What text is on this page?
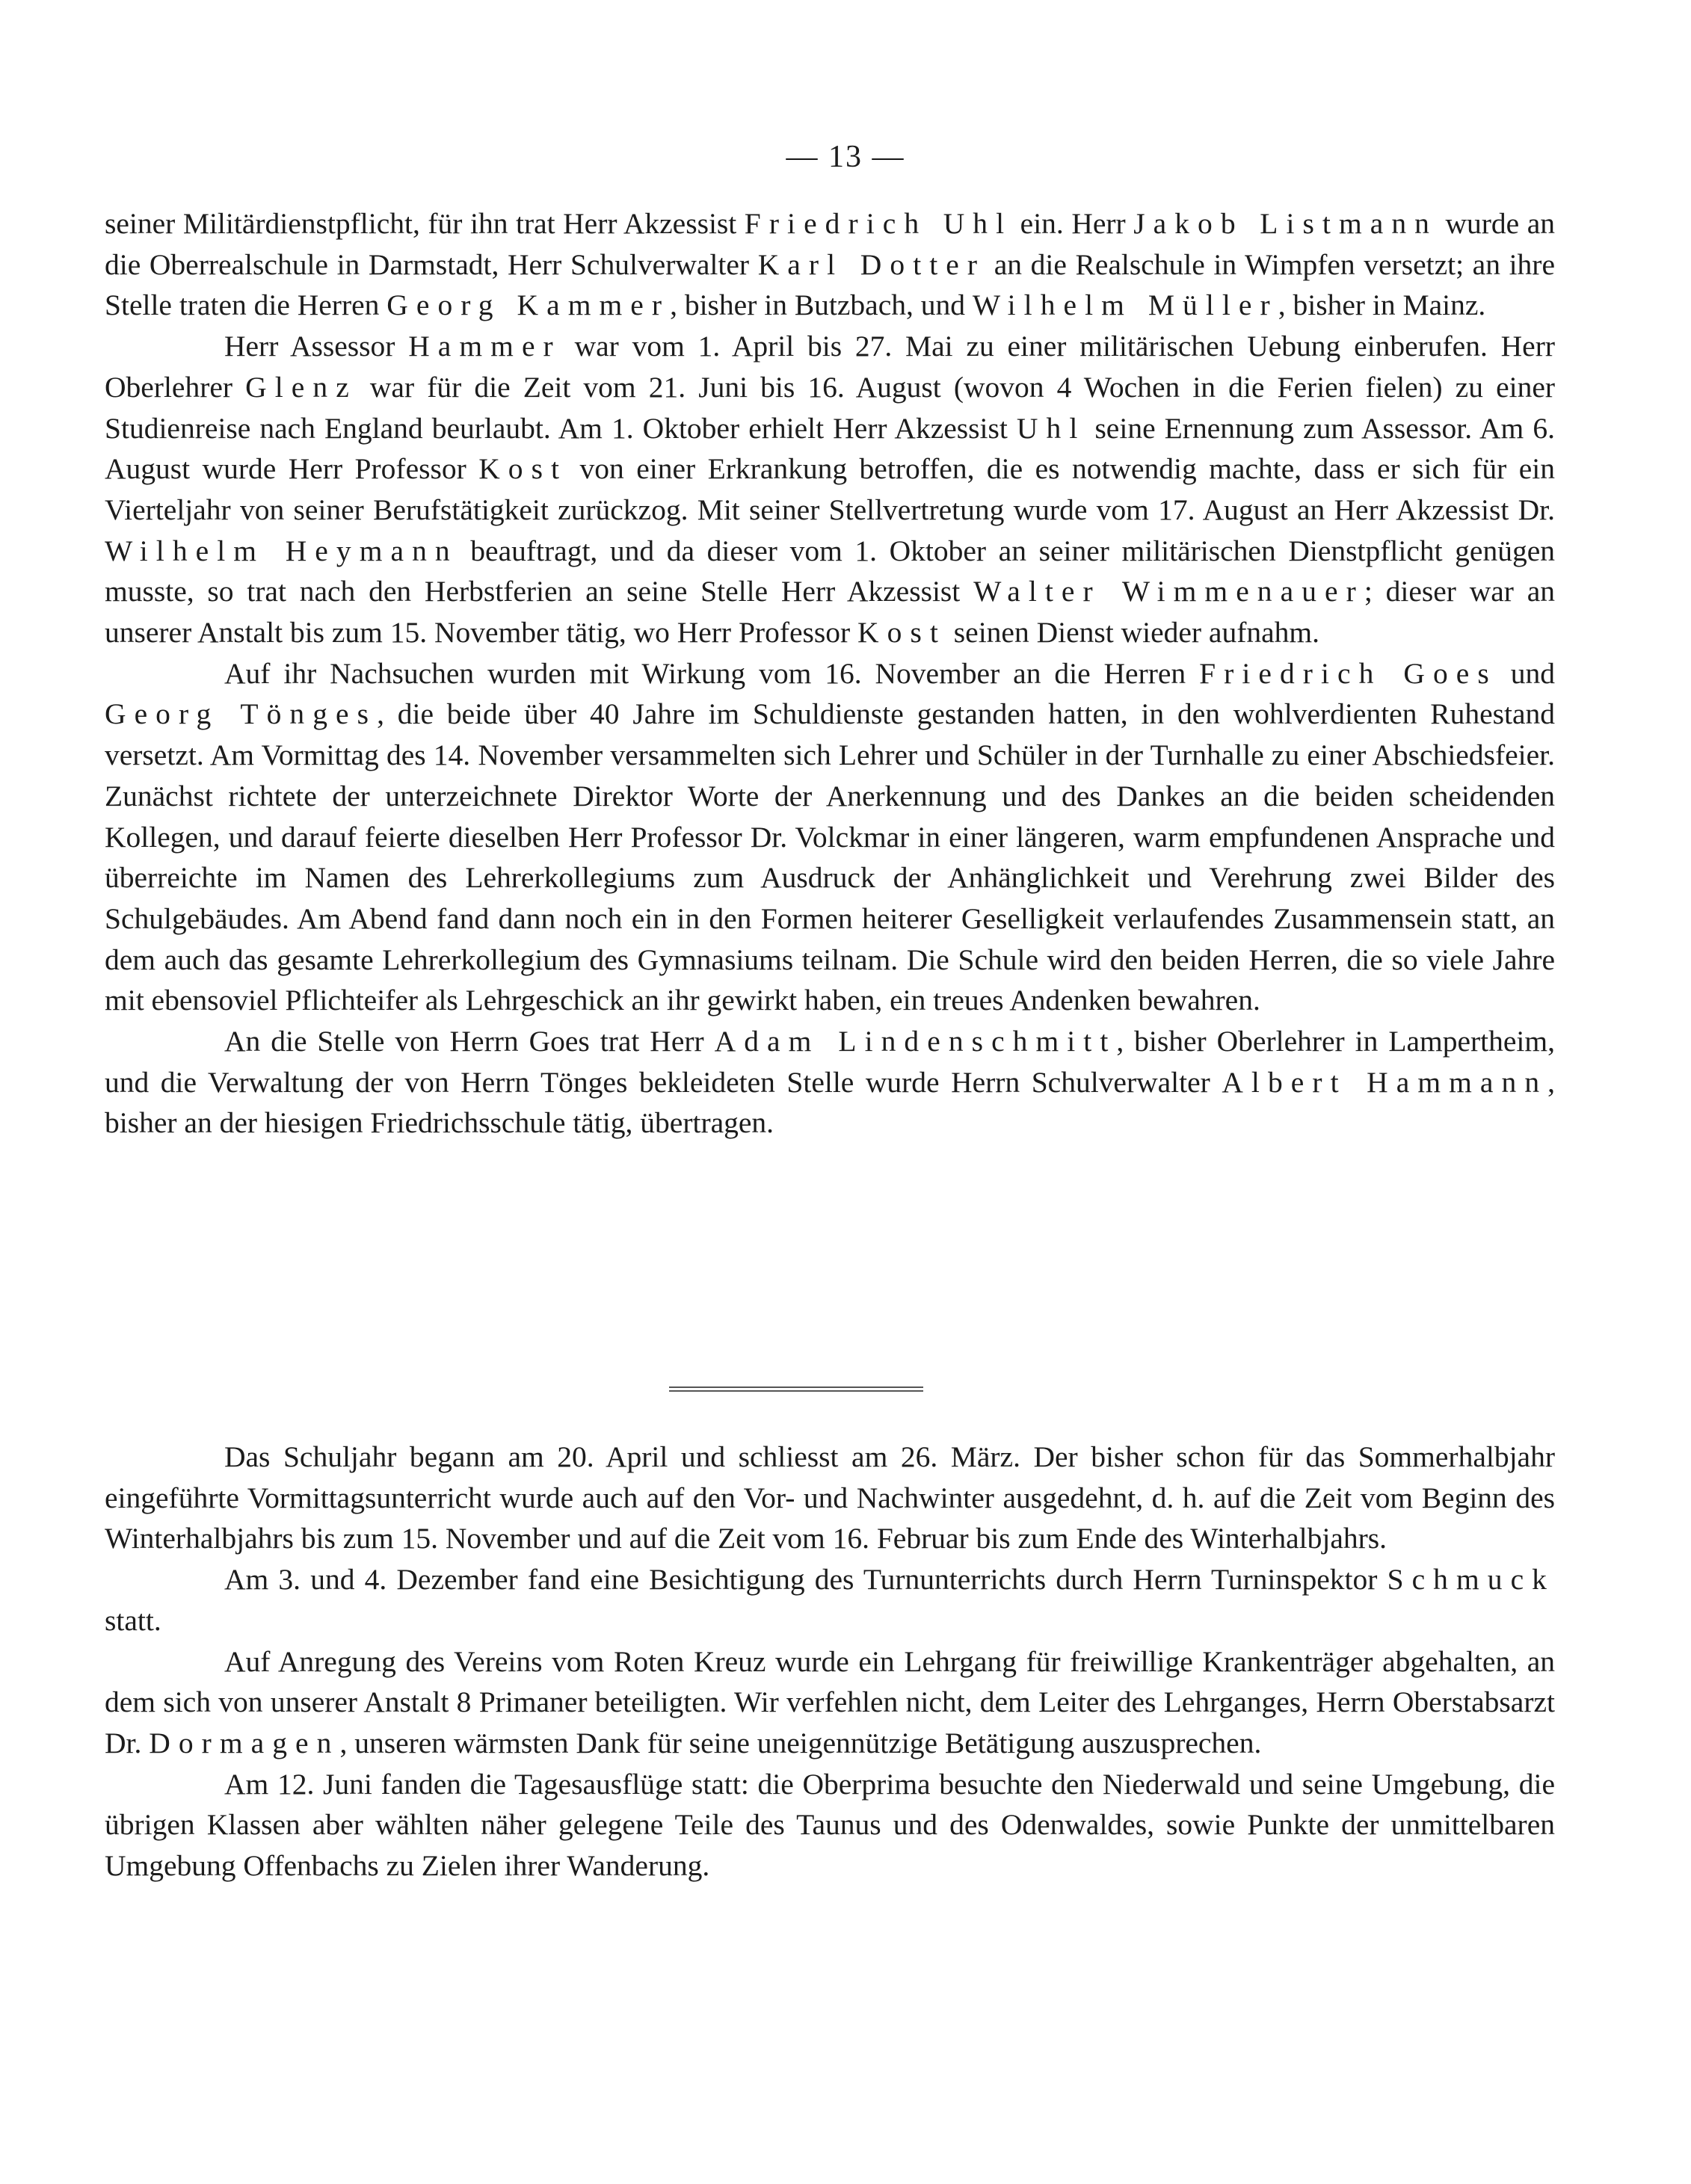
— 13 —

seiner Militärdienstpflicht, für ihn trat Herr Akzessist Friedrich Uhl ein. Herr Jakob Listmann wurde an die Oberrealschule in Darmstadt, Herr Schulverwalter Karl Dotter an die Realschule in Wimpfen versetzt; an ihre Stelle traten die Herren Georg Kammer, bisher in Butzbach, und Wilhelm Müller, bisher in Mainz.

Herr Assessor Hammer war vom 1. April bis 27. Mai zu einer militärischen Uebung einberufen. Herr Oberlehrer Glenz war für die Zeit vom 21. Juni bis 16. August (wovon 4 Wochen in die Ferien fielen) zu einer Studienreise nach England beurlaubt. Am 1. Oktober erhielt Herr Akzessist Uhl seine Ernennung zum Assessor. Am 6. August wurde Herr Professor Kost von einer Erkrankung betroffen, die es notwendig machte, dass er sich für ein Vierteljahr von seiner Berufstätigkeit zurückzog. Mit seiner Stellvertretung wurde vom 17. August an Herr Akzessist Dr. Wilhelm Heymann beauftragt, und da dieser vom 1. Oktober an seiner militärischen Dienstpflicht genügen musste, so trat nach den Herbstferien an seine Stelle Herr Akzessist Walter Wimmenauer; dieser war an unserer Anstalt bis zum 15. November tätig, wo Herr Professor Kost seinen Dienst wieder aufnahm.

Auf ihr Nachsuchen wurden mit Wirkung vom 16. November an die Herren Friedrich Goes und Georg Tönges, die beide über 40 Jahre im Schuldienste gestanden hatten, in den wohlverdienten Ruhestand versetzt. Am Vormittag des 14. November versammelten sich Lehrer und Schüler in der Turnhalle zu einer Abschiedsfeier. Zunächst richtete der unterzeichnete Direktor Worte der Anerkennung und des Dankes an die beiden scheidenden Kollegen, und darauf feierte dieselben Herr Professor Dr. Volckmar in einer längeren, warm empfundenen Ansprache und überreichte im Namen des Lehrerkollegiums zum Ausdruck der Anhänglichkeit und Verehrung zwei Bilder des Schulgebäudes. Am Abend fand dann noch ein in den Formen heiterer Geselligkeit verlaufendes Zusammensein statt, an dem auch das gesamte Lehrerkollegium des Gymnasiums teilnam. Die Schule wird den beiden Herren, die so viele Jahre mit ebensoviel Pflichteifer als Lehrgeschick an ihr gewirkt haben, ein treues Andenken bewahren.

An die Stelle von Herrn Goes trat Herr Adam Lindenschmitt, bisher Oberlehrer in Lampertheim, und die Verwaltung der von Herrn Tönges bekleideten Stelle wurde Herrn Schulverwalter Albert Hammann, bisher an der hiesigen Friedrichsschule tätig, übertragen.

Das Schuljahr begann am 20. April und schliesst am 26. März. Der bisher schon für das Sommerhalbjahr eingeführte Vormittagsunterricht wurde auch auf den Vor- und Nachwinter ausgedehnt, d. h. auf die Zeit vom Beginn des Winterhalbjahrs bis zum 15. November und auf die Zeit vom 16. Februar bis zum Ende des Winterhalbjahrs.

Am 3. und 4. Dezember fand eine Besichtigung des Turnunterrichts durch Herrn Turninspektor Schmuck statt.

Auf Anregung des Vereins vom Roten Kreuz wurde ein Lehrgang für freiwillige Krankenträger abgehalten, an dem sich von unserer Anstalt 8 Primaner beteiligten. Wir verfehlen nicht, dem Leiter des Lehrganges, Herrn Oberstabsarzt Dr. Dormagen, unseren wärmsten Dank für seine uneigennützige Betätigung auszusprechen.

Am 12. Juni fanden die Tagesausflüge statt: die Oberprima besuchte den Niederwald und seine Umgebung, die übrigen Klassen aber wählten näher gelegene Teile des Taunus und des Odenwaldes, sowie Punkte der unmittelbaren Umgebung Offenbachs zu Zielen ihrer Wanderung.
